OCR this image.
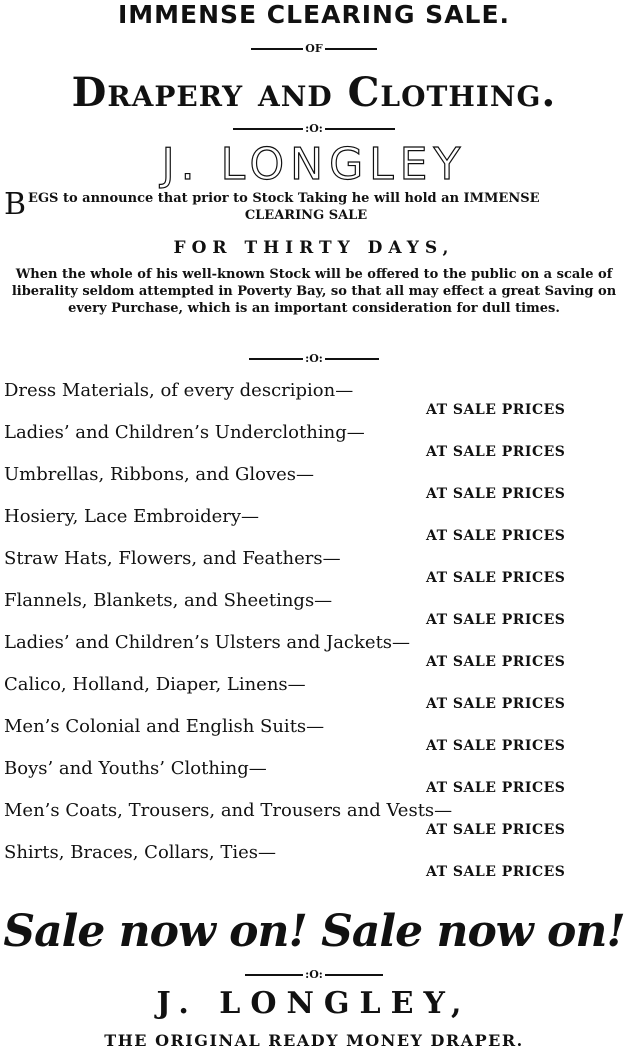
IMMENSE CLEARING SALE.
OF
Drapery and Clothing.
:O:
J. LONGLEY
B EGS to announce that prior to Stock Taking he will hold an IMMENSE
CLEARING SALE
FOR THIRTY DAYS,
When the whole of his well-known Stock will be offered to the public on a scale of liberality seldom attempted in Poverty Bay, so that all may effect a great Saving on every Purchase, which is an important consideration for dull times.
:O:
Dress Materials, of every descripion—
AT SALE PRICES
Ladies’ and Children’s Underclothing—
AT SALE PRICES
Umbrellas, Ribbons, and Gloves—
AT SALE PRICES
Hosiery, Lace Embroidery—
AT SALE PRICES
Straw Hats, Flowers, and Feathers—
AT SALE PRICES
Flannels, Blankets, and Sheetings—
AT SALE PRICES
Ladies’ and Children’s Ulsters and Jackets—
AT SALE PRICES
Calico, Holland, Diaper, Linens—
AT SALE PRICES
Men’s Colonial and English Suits—
AT SALE PRICES
Boys’ and Youths’ Clothing—
AT SALE PRICES
Men’s Coats, Trousers, and Trousers and Vests—
AT SALE PRICES
Shirts, Braces, Collars, Ties—
AT SALE PRICES
Sale now on! Sale now on!
:O:
J. LONGLEY,
THE ORIGINAL READY MONEY DRAPER.
